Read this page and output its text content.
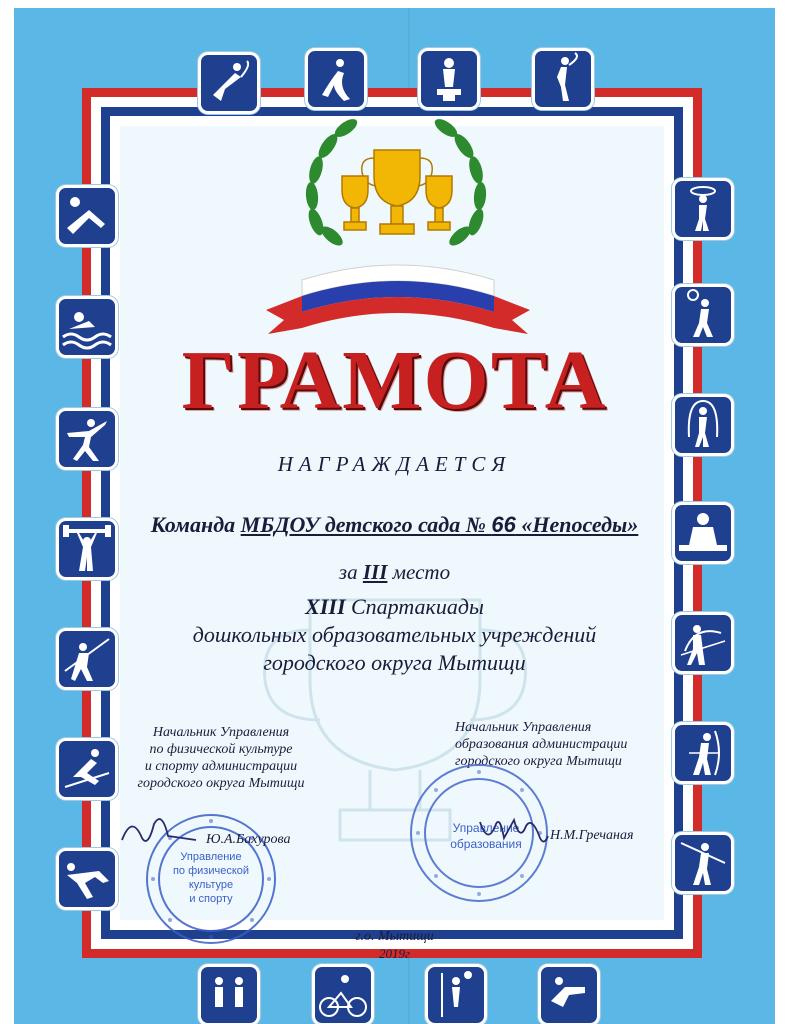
ГРАМОТА
НАГРАЖДАЕТСЯ
Команда МБДОУ детского сада № 66 «Непоседы»
за III место
XIII Спартакиады
дошкольных образовательных учреждений
городского округа Мытищи
Начальник Управления
по физической культуре
и спорту администрации
городского округа Мытищи
Начальник Управления
образования администрации
городского округа Мытищи
Управление
по физической
культуре
и спорту
Управление
образования
Ю.А.Бахурова	Н.М.Гречаная
г.о. Мытищи
2019г
